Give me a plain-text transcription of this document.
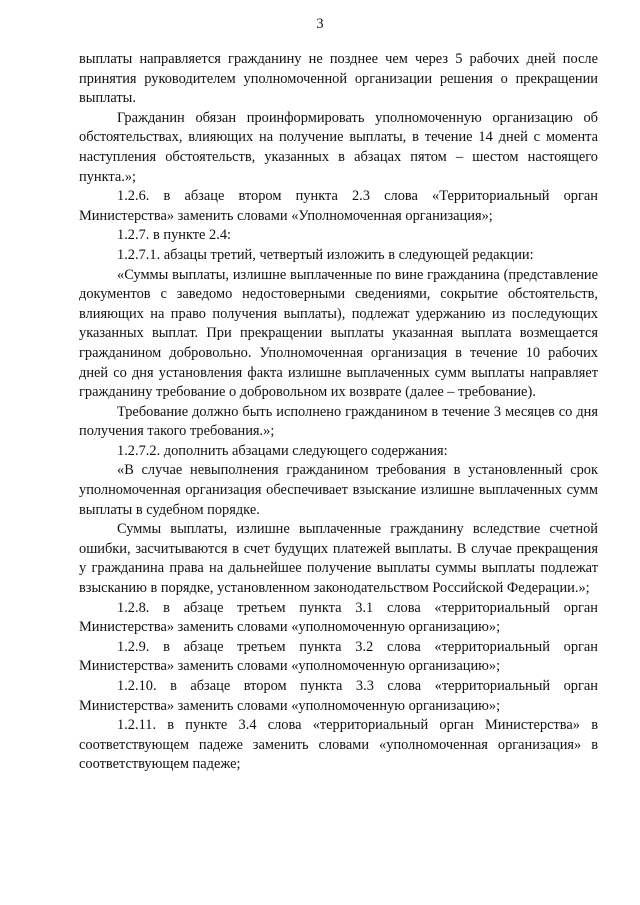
3

выплаты направляется гражданину не позднее чем через 5 рабочих дней после принятия руководителем уполномоченной организации решения о прекращении выплаты.

Гражданин обязан проинформировать уполномоченную организацию об обстоятельствах, влияющих на получение выплаты, в течение 14 дней с момента наступления обстоятельств, указанных в абзацах пятом – шестом настоящего пункта.»;

1.2.6. в абзаце втором пункта 2.3 слова «Территориальный орган Министерства» заменить словами «Уполномоченная организация»;

1.2.7. в пункте 2.4:

1.2.7.1. абзацы третий, четвертый изложить в следующей редакции:

«Суммы выплаты, излишне выплаченные по вине гражданина (представление документов с заведомо недостоверными сведениями, сокрытие обстоятельств, влияющих на право получения выплаты), подлежат удержанию из последующих указанных выплат. При прекращении выплаты указанная выплата возмещается гражданином добровольно. Уполномоченная организация в течение 10 рабочих дней со дня установления факта излишне выплаченных сумм выплаты направляет гражданину требование о добровольном их возврате (далее – требование).

Требование должно быть исполнено гражданином в течение 3 месяцев со дня получения такого требования.»;

1.2.7.2. дополнить абзацами следующего содержания:

«В случае невыполнения гражданином требования в установленный срок уполномоченная организация обеспечивает взыскание излишне выплаченных сумм выплаты в судебном порядке.

Суммы выплаты, излишне выплаченные гражданину вследствие счетной ошибки, засчитываются в счет будущих платежей выплаты. В случае прекращения у гражданина права на дальнейшее получение выплаты суммы выплаты подлежат взысканию в порядке, установленном законодательством Российской Федерации.»;

1.2.8. в абзаце третьем пункта 3.1 слова «территориальный орган Министерства» заменить словами «уполномоченную организацию»;

1.2.9. в абзаце третьем пункта 3.2 слова «территориальный орган Министерства» заменить словами «уполномоченную организацию»;

1.2.10. в абзаце втором пункта 3.3 слова «территориальный орган Министерства» заменить словами «уполномоченную организацию»;

1.2.11. в пункте 3.4 слова «территориальный орган Министерства» в соответствующем падеже заменить словами «уполномоченная организация» в соответствующем падеже;
